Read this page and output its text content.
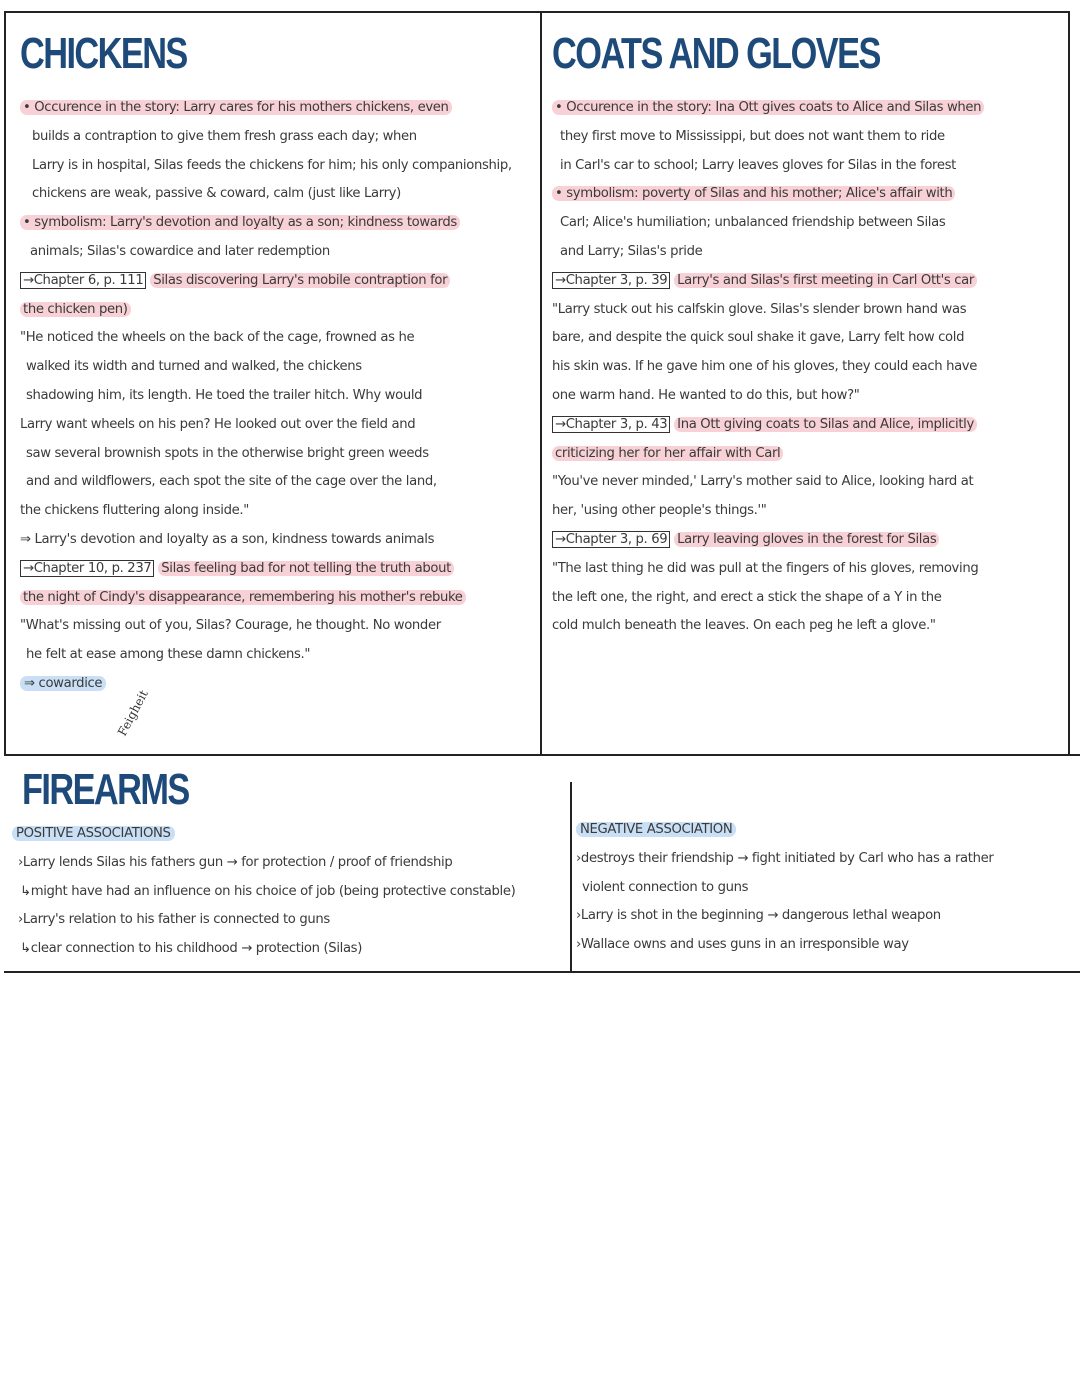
CHICKENS
• Occurence in the story: Larry cares for his mothers chickens, even
builds a contraption to give them fresh grass each day; when
Larry is in hospital, Silas feeds the chickens for him; his only companionship,
chickens are weak, passive & coward, calm (just like Larry)
• symbolism: Larry's devotion and loyalty as a son; kindness towards
animals; Silas's cowardice and later redemption
→Chapter 6, p. 111 Silas discovering Larry's mobile contraption for
the chicken pen)
"He noticed the wheels on the back of the cage, frowned as he
walked its width and turned and walked, the chickens
shadowing him, its length. He toed the trailer hitch. Why would
Larry want wheels on his pen? He looked out over the field and
saw several brownish spots in the otherwise bright green weeds
and and wildflowers, each spot the site of the cage over the land,
the chickens fluttering along inside."
⇒ Larry's devotion and loyalty as a son, kindness towards animals
→Chapter 10, p. 237 Silas feeling bad for not telling the truth about
the night of Cindy's disappearance, remembering his mother's rebuke
"What's missing out of you, Silas? Courage, he thought. No wonder
he felt at ease among these damn chickens."
⇒ cowardice
Feigheit
COATS AND GLOVES
• Occurence in the story: Ina Ott gives coats to Alice and Silas when
they first move to Mississippi, but does not want them to ride
in Carl's car to school; Larry leaves gloves for Silas in the forest
• symbolism: poverty of Silas and his mother; Alice's affair with
Carl; Alice's humiliation; unbalanced friendship between Silas
and Larry; Silas's pride
→Chapter 3, p. 39 Larry's and Silas's first meeting in Carl Ott's car
"Larry stuck out his calfskin glove. Silas's slender brown hand was
bare, and despite the quick soul shake it gave, Larry felt how cold
his skin was. If he gave him one of his gloves, they could each have
one warm hand. He wanted to do this, but how?"
→Chapter 3, p. 43 Ina Ott giving coats to Silas and Alice, implicitly
criticizing her for her affair with Carl
"You've never minded,' Larry's mother said to Alice, looking hard at
her, 'using other people's things.'"
→Chapter 3, p. 69 Larry leaving gloves in the forest for Silas
"The last thing he did was pull at the fingers of his gloves, removing
the left one, the right, and erect a stick the shape of a Y in the
cold mulch beneath the leaves. On each peg he left a glove."
FIREARMS
POSITIVE ASSOCIATIONS
›Larry lends Silas his fathers gun → for protection / proof of friendship
↳might have had an influence on his choice of job (being protective constable)
›Larry's relation to his father is connected to guns
↳clear connection to his childhood → protection (Silas)
NEGATIVE ASSOCIATION
›destroys their friendship → fight initiated by Carl who has a rather
violent connection to guns
›Larry is shot in the beginning → dangerous lethal weapon
›Wallace owns and uses guns in an irresponsible way
